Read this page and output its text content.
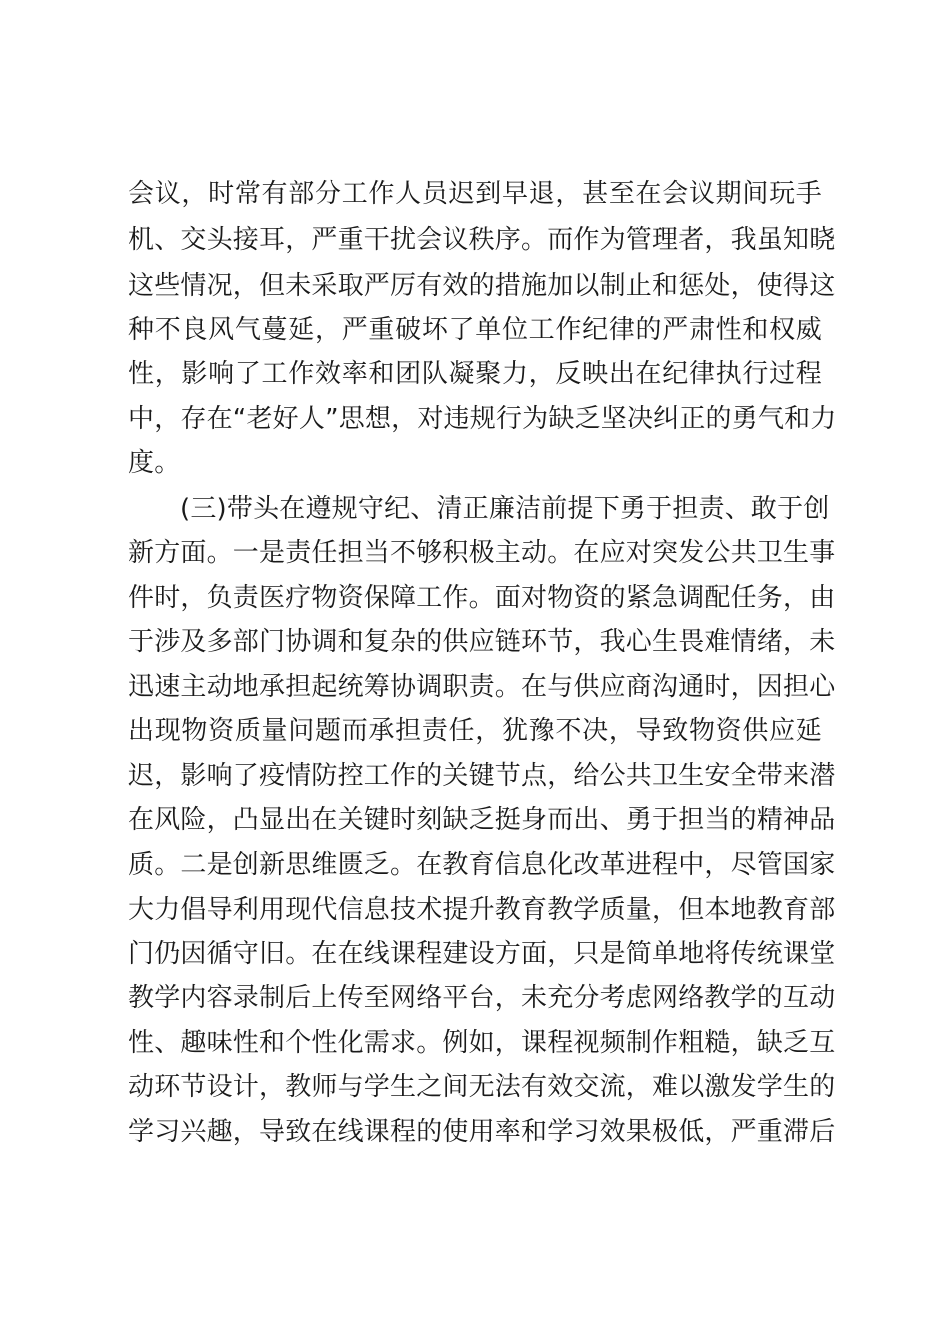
会议，时常有部分工作人员迟到早退，甚至在会议期间玩手
机、交头接耳，严重干扰会议秩序。而作为管理者，我虽知晓
这些情况，但未采取严厉有效的措施加以制止和惩处，使得这
种不良风气蔓延，严重破坏了单位工作纪律的严肃性和权威
性，影响了工作效率和团队凝聚力，反映出在纪律执行过程
中，存在“老好人”思想，对违规行为缺乏坚决纠正的勇气和力
度。
(三)带头在遵规守纪、清正廉洁前提下勇于担责、敢于创
新方面。一是责任担当不够积极主动。在应对突发公共卫生事
件时，负责医疗物资保障工作。面对物资的紧急调配任务，由
于涉及多部门协调和复杂的供应链环节，我心生畏难情绪，未
迅速主动地承担起统筹协调职责。在与供应商沟通时，因担心
出现物资质量问题而承担责任，犹豫不决，导致物资供应延
迟，影响了疫情防控工作的关键节点，给公共卫生安全带来潜
在风险，凸显出在关键时刻缺乏挺身而出、勇于担当的精神品
质。二是创新思维匮乏。在教育信息化改革进程中，尽管国家
大力倡导利用现代信息技术提升教育教学质量，但本地教育部
门仍因循守旧。在在线课程建设方面，只是简单地将传统课堂
教学内容录制后上传至网络平台，未充分考虑网络教学的互动
性、趣味性和个性化需求。例如，课程视频制作粗糙，缺乏互
动环节设计，教师与学生之间无法有效交流，难以激发学生的
学习兴趣，导致在线课程的使用率和学习效果极低，严重滞后
